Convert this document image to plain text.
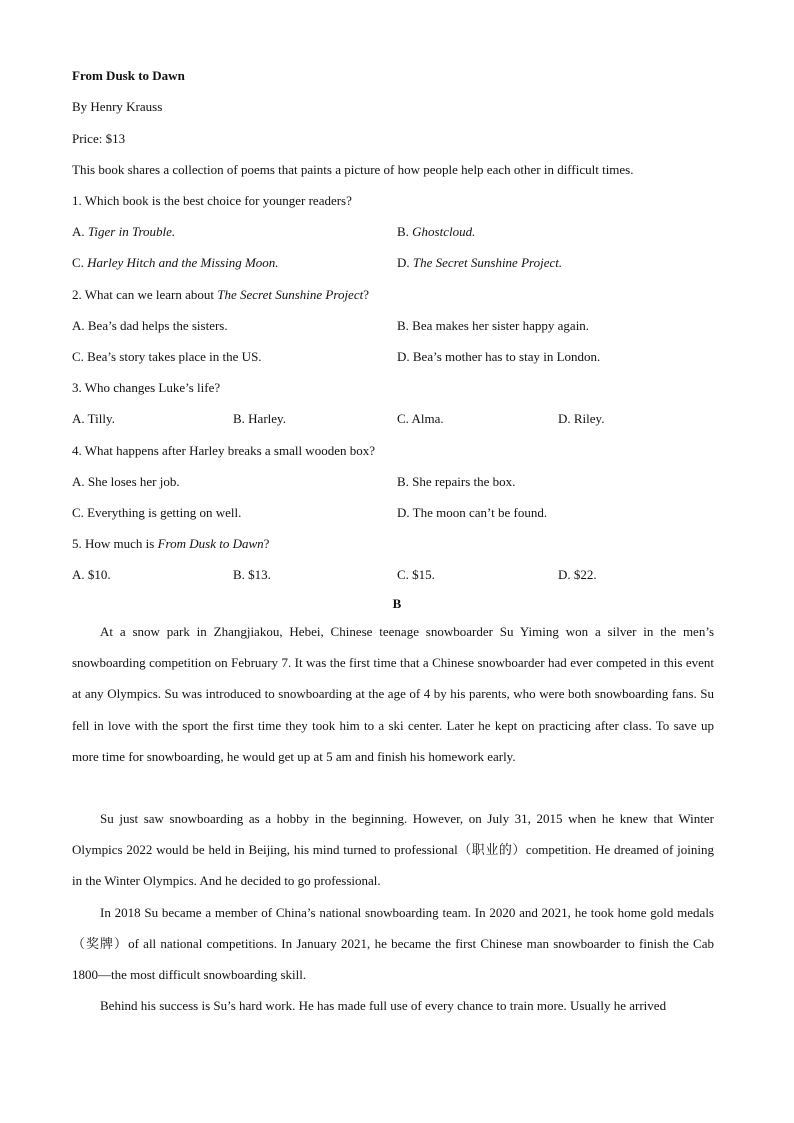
From Dusk to Dawn
By Henry Krauss
Price: $13
This book shares a collection of poems that paints a picture of how people help each other in difficult times.
1. Which book is the best choice for younger readers?
A. Tiger in Trouble.	B. Ghostcloud.
C. Harley Hitch and the Missing Moon.	D. The Secret Sunshine Project.
2. What can we learn about The Secret Sunshine Project?
A. Bea’s dad helps the sisters.	B. Bea makes her sister happy again.
C. Bea’s story takes place in the US.	D. Bea’s mother has to stay in London.
3. Who changes Luke’s life?
A. Tilly.	B. Harley.	C. Alma.	D. Riley.
4. What happens after Harley breaks a small wooden box?
A. She loses her job.	B. She repairs the box.
C. Everything is getting on well.	D. The moon can’t be found.
5. How much is From Dusk to Dawn?
A. $10.	B. $13.	C. $15.	D. $22.
B
At a snow park in Zhangjiakou, Hebei, Chinese teenage snowboarder Su Yiming won a silver in the men’s snowboarding competition on February 7. It was the first time that a Chinese snowboarder had ever competed in this event at any Olympics. Su was introduced to snowboarding at the age of 4 by his parents, who were both snowboarding fans. Su fell in love with the sport the first time they took him to a ski center. Later he kept on practicing after class. To save up more time for snowboarding, he would get up at 5 am and finish his homework early.
Su just saw snowboarding as a hobby in the beginning. However, on July 31, 2015 when he knew that Winter Olympics 2022 would be held in Beijing, his mind turned to professional（职业的）competition. He dreamed of joining in the Winter Olympics. And he decided to go professional.
In 2018 Su became a member of China’s national snowboarding team. In 2020 and 2021, he took home gold medals（奖牌）of all national competitions. In January 2021, he became the first Chinese man snowboarder to finish the Cab 1800—the most difficult snowboarding skill.
Behind his success is Su’s hard work. He has made full use of every chance to train more. Usually he arrived
